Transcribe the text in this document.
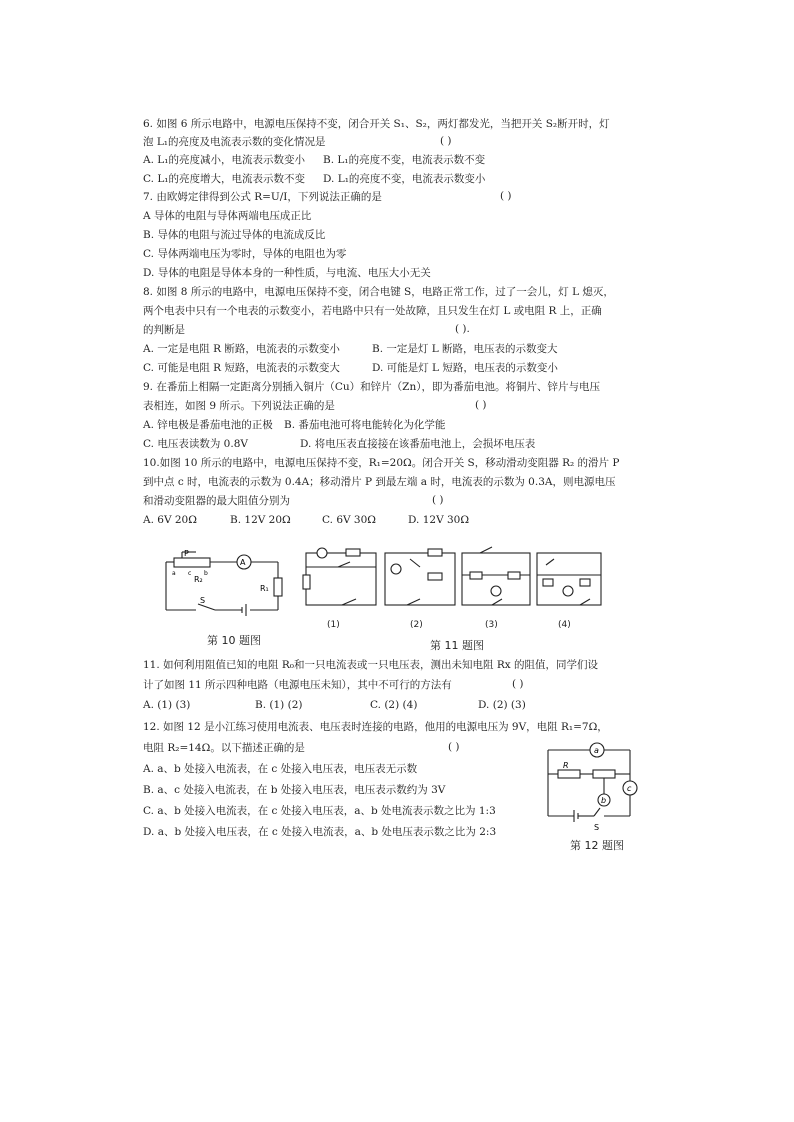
6. 如图 6 所示电路中，电源电压保持不变，闭合开关 S₁、S₂，两灯都发光，当把开关 S₂断开时，灯
泡 L₁的亮度及电流表示数的变化情况是	( )
A. L₁的亮度减小，电流表示数变小 B. L₁的亮度不变，电流表示数不变
C. L₁的亮度增大，电流表示数不变 D. L₁的亮度不变，电流表示数变小
7. 由欧姆定律得到公式 R=U/I，下列说法正确的是	( )
A 导体的电阻与导体两端电压成正比
B. 导体的电阻与流过导体的电流成反比
C. 导体两端电压为零时，导体的电阻也为零
D. 导体的电阻是导体本身的一种性质，与电流、电压大小无关
8. 如图 8 所示的电路中，电源电压保持不变，闭合电键 S，电路正常工作，过了一会儿，灯 L 熄灭，
两个电表中只有一个电表的示数变小，若电路中只有一处故障，且只发生在灯 L 或电阻 R 上，正确
的判断是	( ).
A. 一定是电阻 R 断路，电流表的示数变小	B. 一定是灯 L 断路，电压表的示数变大
C. 可能是电阻 R 短路，电流表的示数变大	D. 可能是灯 L 短路，电压表的示数变小
9. 在番茄上相隔一定距离分别插入铜片（Cu）和锌片（Zn），即为番茄电池。将铜片、锌片与电压
表相连，如图 9 所示。下列说法正确的是	( )
A. 锌电极是番茄电池的正极 B. 番茄电池可将电能转化为化学能
C. 电压表读数为 0.8V	D. 将电压表直接接在该番茄电池上，会损坏电压表
10.如图 10 所示的电路中，电源电压保持不变，R₁=20Ω。闭合开关 S，移动滑动变阻器 R₂ 的滑片 P
到中点 c 时，电流表的示数为 0.4A；移动滑片 P 到最左端 a 时，电流表的示数为 0.3A，则电源电压
和滑动变阻器的最大阻值分别为	( )
A. 6V 20Ω	B. 12V 20Ω	C. 6V 30Ω	D. 12V 30Ω
P
a c b
R₂
R₁
A
S
第 10 题图
(1)	(2)	(3)	(4)
第 11 题图
11. 如何利用阻值已知的电阻 R₀和一只电流表或一只电压表，测出未知电阻 Rx 的阻值，同学们设
计了如图 11 所示四种电路（电源电压未知），其中不可行的方法有	( )
A. (1) (3)	B. (1) (2)	C. (2) (4)	D. (2) (3)
12. 如图 12 是小江练习使用电流表、电压表时连接的电路，他用的电源电压为 9V，电阻 R₁=7Ω，
电阻 R₂=14Ω。以下描述正确的是	( )
A. a、b 处接入电流表，在 c 处接入电压表，电压表无示数
B. a、c 处接入电流表，在 b 处接入电压表，电压表示数约为 3V
C. a、b 处接入电流表，在 c 处接入电压表，a、b 处电流表示数之比为 1:3
D. a、b 处接入电压表，在 c 处接入电流表，a、b 处电压表示数之比为 2:3
a
c
b
R
S
第 12 题图
